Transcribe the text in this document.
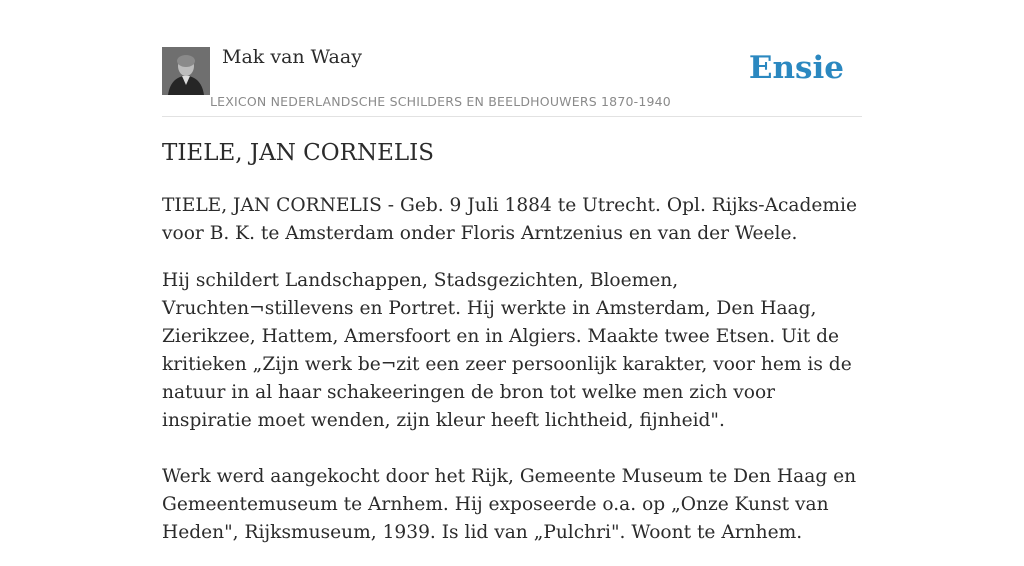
Mak van Waay
LEXICON NEDERLANDSCHE SCHILDERS EN BEELDHOUWERS 1870-1940
Ensie
TIELE, JAN CORNELIS

TIELE, JAN CORNELIS - Geb. 9 Juli 1884 te Utrecht. Opl. Rijks-Academie voor B. K. te Amsterdam onder Floris Arntzenius en van der Weele.

Hij schildert Landschappen, Stadsgezichten, Bloemen, Vruchten¬stillevens en Portret. Hij werkte in Amsterdam, Den Haag, Zierikzee, Hattem, Amersfoort en in Algiers. Maakte twee Etsen. Uit de kritieken „Zijn werk be¬zit een zeer persoonlijk karakter, voor hem is de natuur in al haar schakeeringen de bron tot welke men zich voor inspiratie moet wenden, zijn kleur heeft lichtheid, fijnheid".

Werk werd aangekocht door het Rijk, Gemeente Museum te Den Haag en Gemeentemuseum te Arnhem. Hij exposeerde o.a. op „Onze Kunst van Heden", Rijksmuseum, 1939. Is lid van „Pulchri". Woont te Arnhem.
